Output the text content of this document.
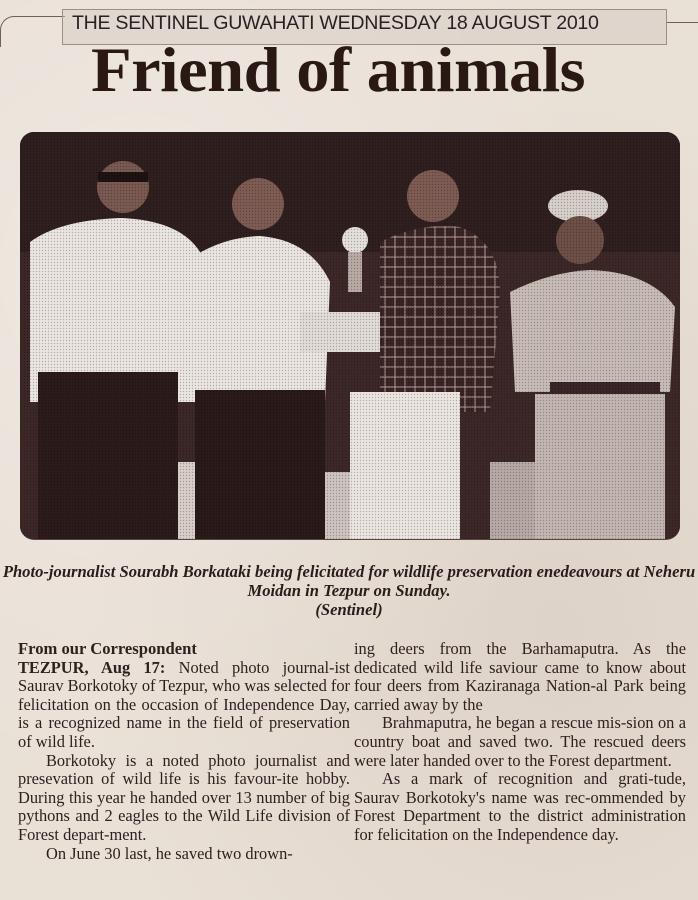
THE SENTINEL GUWAHATI WEDNESDAY 18 AUGUST 2010
Friend of animals
Photo-journalist Sourabh Borkataki being felicitated for wildlife preservation enedeavours at Neheru Moidan in Tezpur on Sunday.
(Sentinel)
From our Correspondent

TEZPUR, Aug 17: Noted photo journal-ist Saurav Borkotoky of Tezpur, who was selected for felicitation on the occasion of Independence Day, is a recognized name in the field of preservation of wild life.

Borkotoky is a noted photo journalist and presevation of wild life is his favour-ite hobby. During this year he handed over 13 number of big pythons and 2 eagles to the Wild Life division of Forest depart-ment.

On June 30 last, he saved two drown-

ing deers from the Barhamaputra. As the dedicated wild life saviour came to know about four deers from Kaziranaga Nation-al Park being carried away by the

Brahmaputra, he began a rescue mis-sion on a country boat and saved two. The rescued deers were later handed over to the Forest department.

As a mark of recognition and grati-tude, Saurav Borkotoky's name was rec-ommended by Forest Department to the district administration for felicitation on the Independence day.
